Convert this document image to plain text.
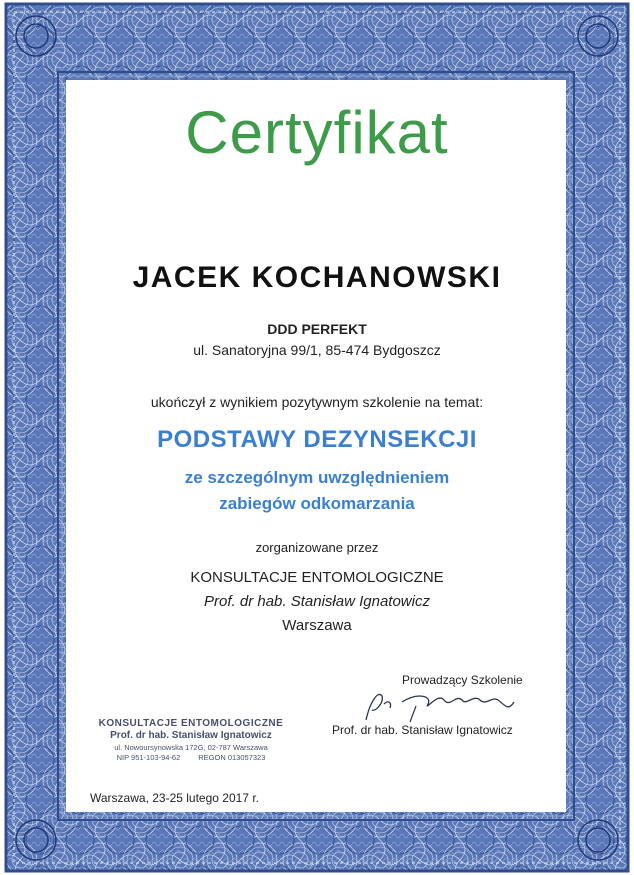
Certyfikat
JACEK KOCHANOWSKI
DDD PERFEKT
ul. Sanatoryjna 99/1, 85-474 Bydgoszcz
ukończył z wynikiem pozytywnym szkolenie na temat:
PODSTAWY DEZYNSEKCJI
ze szczególnym uwzględnieniem
zabiegów odkomarzania
zorganizowane przez
KONSULTACJE ENTOMOLOGICZNE
Prof. dr hab. Stanisław Ignatowicz
Warszawa
Prowadzący Szkolenie
Prof. dr hab. Stanisław Ignatowicz
KONSULTACJE ENTOMOLOGICZNE
Prof. dr hab. Stanisław Ignatowicz
ul. Nowoursynowska 172G, 02-787 Warszawa
NIP 951-103-94-62 REGON 013057323
Warszawa, 23-25 lutego 2017 r.
